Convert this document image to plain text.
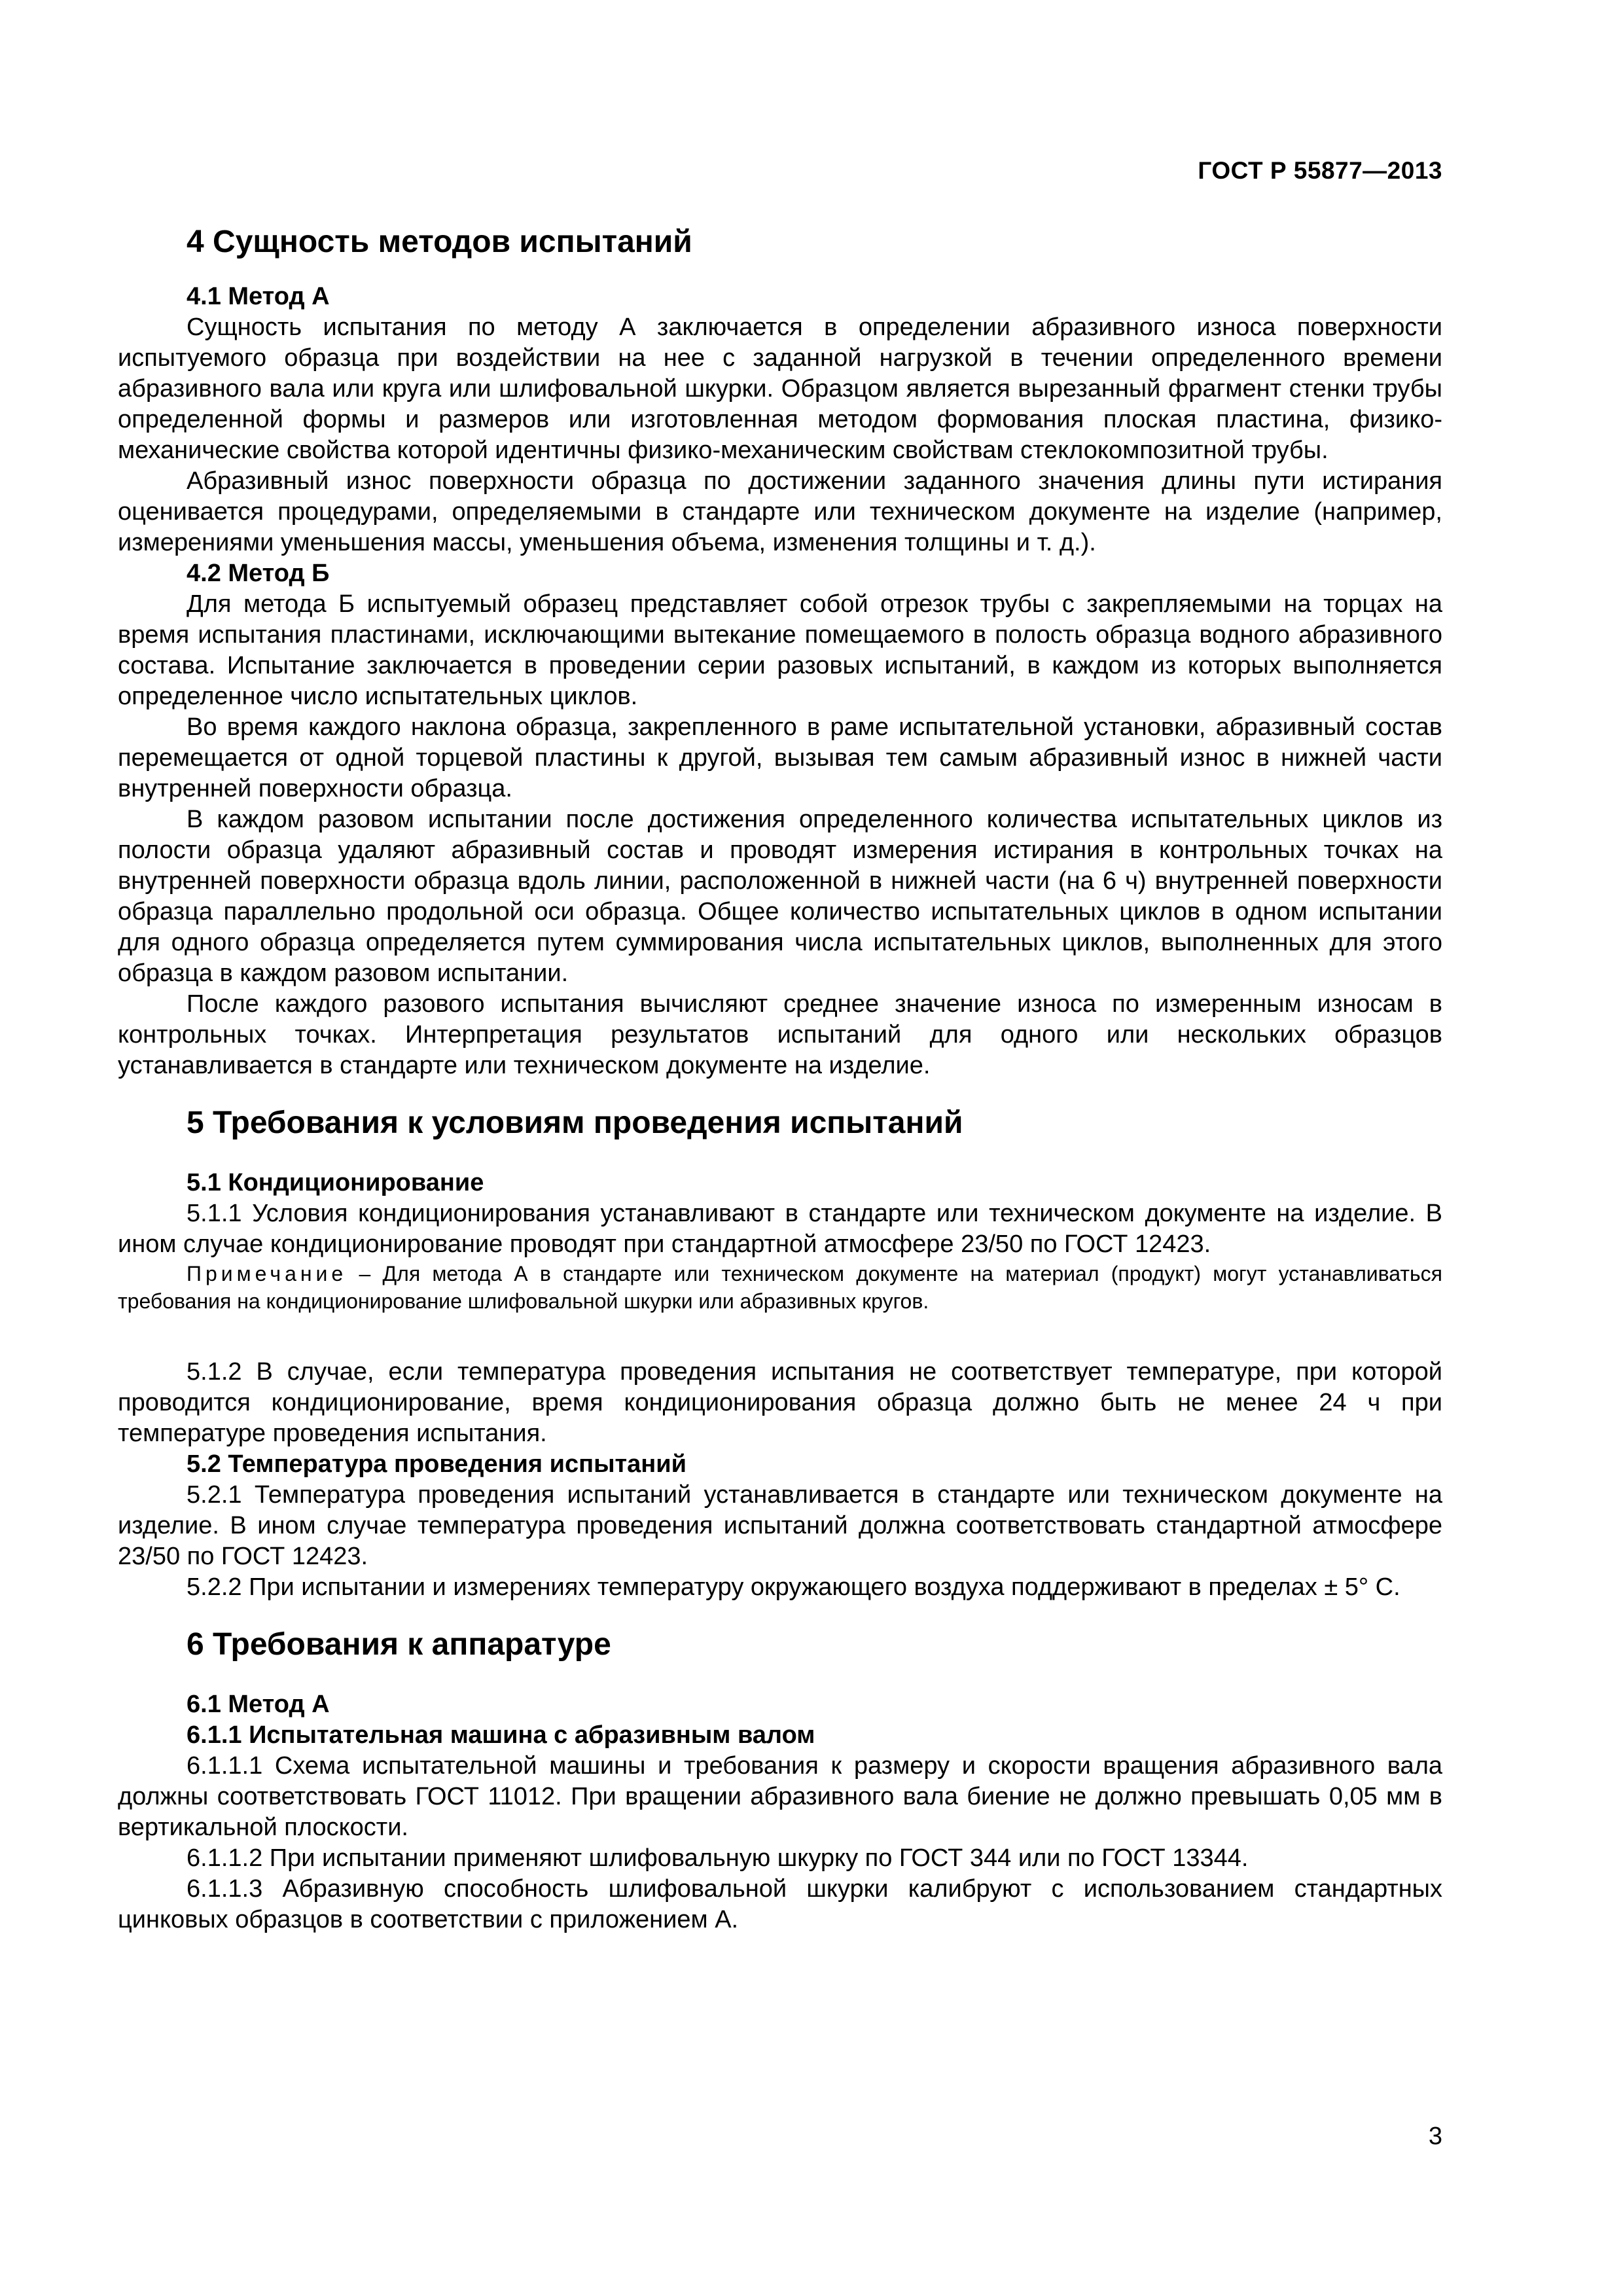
ГОСТ Р 55877—2013
4 Сущность методов испытаний
4.1 Метод А

Сущность испытания по методу А заключается в определении абразивного износа поверхности испытуемого образца при воздействии на нее с заданной нагрузкой в течении определенного времени абразивного вала или круга или шлифовальной шкурки. Образцом является вырезанный фрагмент стенки трубы определенной формы и размеров или изготовленная методом формования плоская пластина, физико-механические свойства которой идентичны физико-механическим свойствам стеклокомпозитной трубы.

Абразивный износ поверхности образца по достижении заданного значения длины пути истирания оценивается процедурами, определяемыми в стандарте или техническом документе на изделие (например, измерениями уменьшения массы, уменьшения объема, изменения толщины и т. д.).

4.2 Метод Б

Для метода Б испытуемый образец представляет собой отрезок трубы с закрепляемыми на торцах на время испытания пластинами, исключающими вытекание помещаемого в полость образца водного абразивного состава. Испытание заключается в проведении серии разовых испытаний, в каждом из которых выполняется определенное число испытательных циклов.

Во время каждого наклона образца, закрепленного в раме испытательной установки, абразивный состав перемещается от одной торцевой пластины к другой, вызывая тем самым абразивный износ в нижней части внутренней поверхности образца.

В каждом разовом испытании после достижения определенного количества испытательных циклов из полости образца удаляют абразивный состав и проводят измерения истирания в контрольных точках на внутренней поверхности образца вдоль линии, расположенной в нижней части (на 6 ч) внутренней поверхности образца параллельно продольной оси образца. Общее количество испытательных циклов в одном испытании для одного образца определяется путем суммирования числа испытательных циклов, выполненных для этого образца в каждом разовом испытании.

После каждого разового испытания вычисляют среднее значение износа по измеренным износам в контрольных точках. Интерпретация результатов испытаний для одного или нескольких образцов устанавливается в стандарте или техническом документе на изделие.

5 Требования к условиям проведения испытаний
5.1 Кондиционирование

5.1.1 Условия кондиционирования устанавливают в стандарте или техническом документе на изделие. В ином случае кондиционирование проводят при стандартной атмосфере 23/50 по ГОСТ 12423.

Примечание – Для метода А в стандарте или техническом документе на материал (продукт) могут устанавливаться требования на кондиционирование шлифовальной шкурки или абразивных кругов.

5.1.2 В случае, если температура проведения испытания не соответствует температуре, при которой проводится кондиционирование, время кондиционирования образца должно быть не менее 24 ч при температуре проведения испытания.

5.2 Температура проведения испытаний

5.2.1 Температура проведения испытаний устанавливается в стандарте или техническом документе на изделие. В ином случае температура проведения испытаний должна соответствовать стандартной атмосфере 23/50 по ГОСТ 12423.

5.2.2 При испытании и измерениях температуру окружающего воздуха поддерживают в пределах ± 5° С.

6 Требования к аппаратуре
6.1 Метод А
6.1.1 Испытательная машина с абразивным валом

6.1.1.1 Схема испытательной машины и требования к размеру и скорости вращения абразивного вала должны соответствовать ГОСТ 11012. При вращении абразивного вала биение не должно превышать 0,05 мм в вертикальной плоскости.

6.1.1.2 При испытании применяют шлифовальную шкурку по ГОСТ 344 или по ГОСТ 13344.

6.1.1.3 Абразивную способность шлифовальной шкурки калибруют с использованием стандартных цинковых образцов в соответствии с приложением А.

3
